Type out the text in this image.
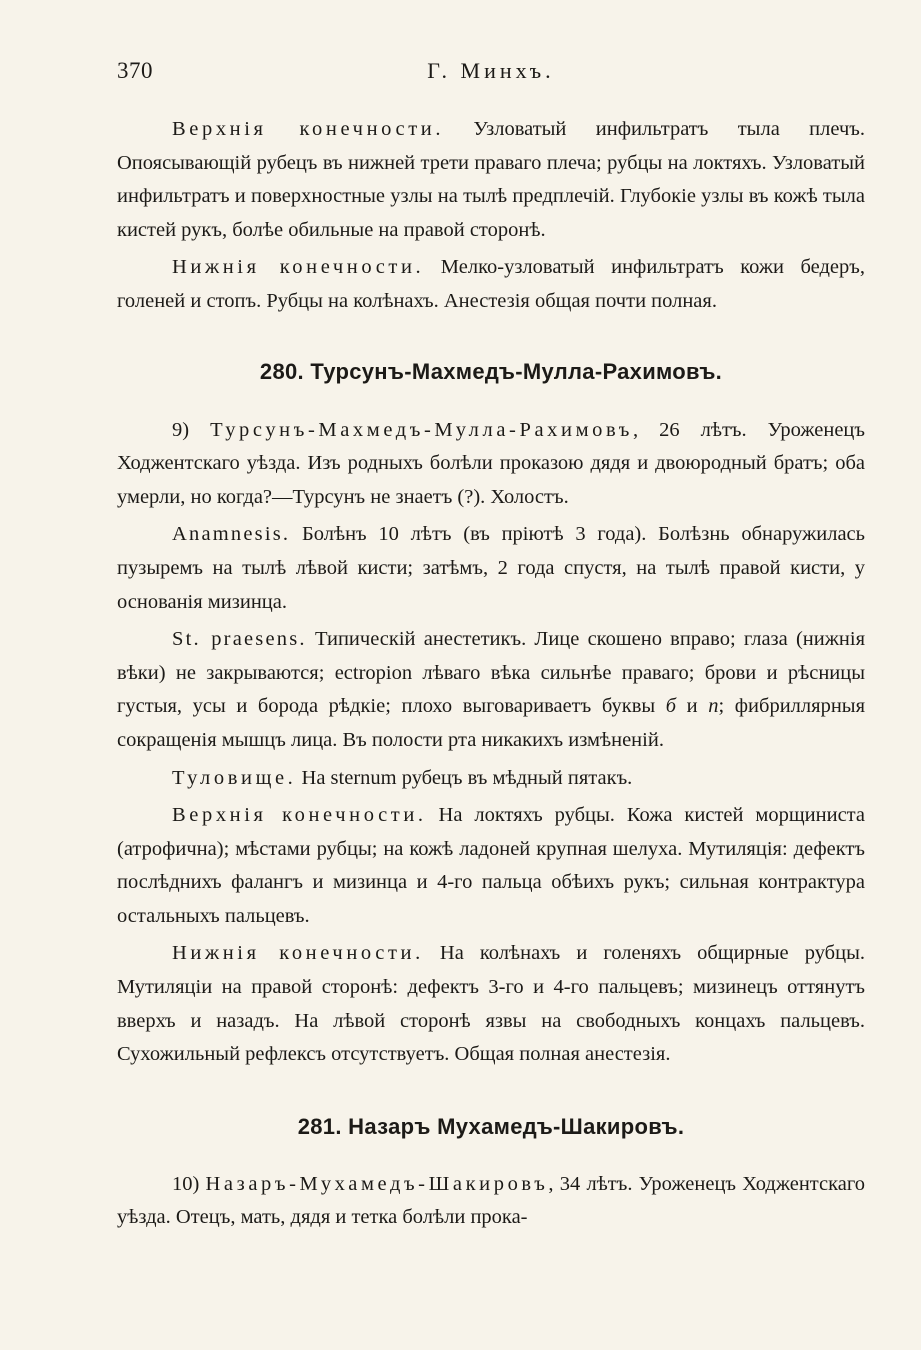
370	Г. Минхъ.

Верхнія конечности. Узловатый инфильтратъ тыла плечъ. Опоясывающій рубецъ въ нижней трети праваго плеча; рубцы на локтяхъ. Узловатый инфильтратъ и поверхностные узлы на тылѣ предплечій. Глубокіе узлы въ кожѣ тыла кистей рукъ, болѣе обильные на правой сторонѣ.

Нижнія конечности. Мелко-узловатый инфильтратъ кожи бедеръ, голеней и стопъ. Рубцы на колѣнахъ. Анестезія общая почти полная.

280. Турсунъ-Махмедъ-Мулла-Рахимовъ.

9) Турсунъ-Махмедъ-Мулла-Рахимовъ, 26 лѣтъ. Уроженецъ Ходжентскаго уѣзда. Изъ родныхъ болѣли проказою дядя и двоюродный братъ; оба умерли, но когда?—Турсунъ не знаетъ (?). Холостъ.

Anamnesis. Болѣнъ 10 лѣтъ (въ пріютѣ 3 года). Болѣзнь обнаружилась пузыремъ на тылѣ лѣвой кисти; затѣмъ, 2 года спустя, на тылѣ правой кисти, у основанія мизинца.

St. praesens. Типическій анестетикъ. Лице скошено вправо; глаза (нижнія вѣки) не закрываются; ectropion лѣваго вѣка сильнѣе праваго; брови и рѣсницы густыя, усы и борода рѣдкіе; плохо выговариваетъ буквы б и п; фибриллярныя сокращенія мышцъ лица. Въ полости рта никакихъ измѣненій.

Туловище. На sternum рубецъ въ мѣдный пятакъ.

Верхнія конечности. На локтяхъ рубцы. Кожа кистей морщиниста (атрофична); мѣстами рубцы; на кожѣ ладоней крупная шелуха. Мутиляція: дефектъ послѣднихъ фалангъ и мизинца и 4-го пальца обѣихъ рукъ; сильная контрактура остальныхъ пальцевъ.

Нижнія конечности. На колѣнахъ и голеняхъ общирные рубцы. Мутиляціи на правой сторонѣ: дефектъ 3-го и 4-го пальцевъ; мизинецъ оттянутъ вверхъ и назадъ. На лѣвой сторонѣ язвы на свободныхъ концахъ пальцевъ. Сухожильный рефлексъ отсутствуетъ. Общая полная анестезія.

281. Назаръ Мухамедъ-Шакировъ.

10) Назаръ-Мухамедъ-Шакировъ, 34 лѣтъ. Уроженецъ Ходжентскаго уѣзда. Отецъ, мать, дядя и тетка болѣли прока-
